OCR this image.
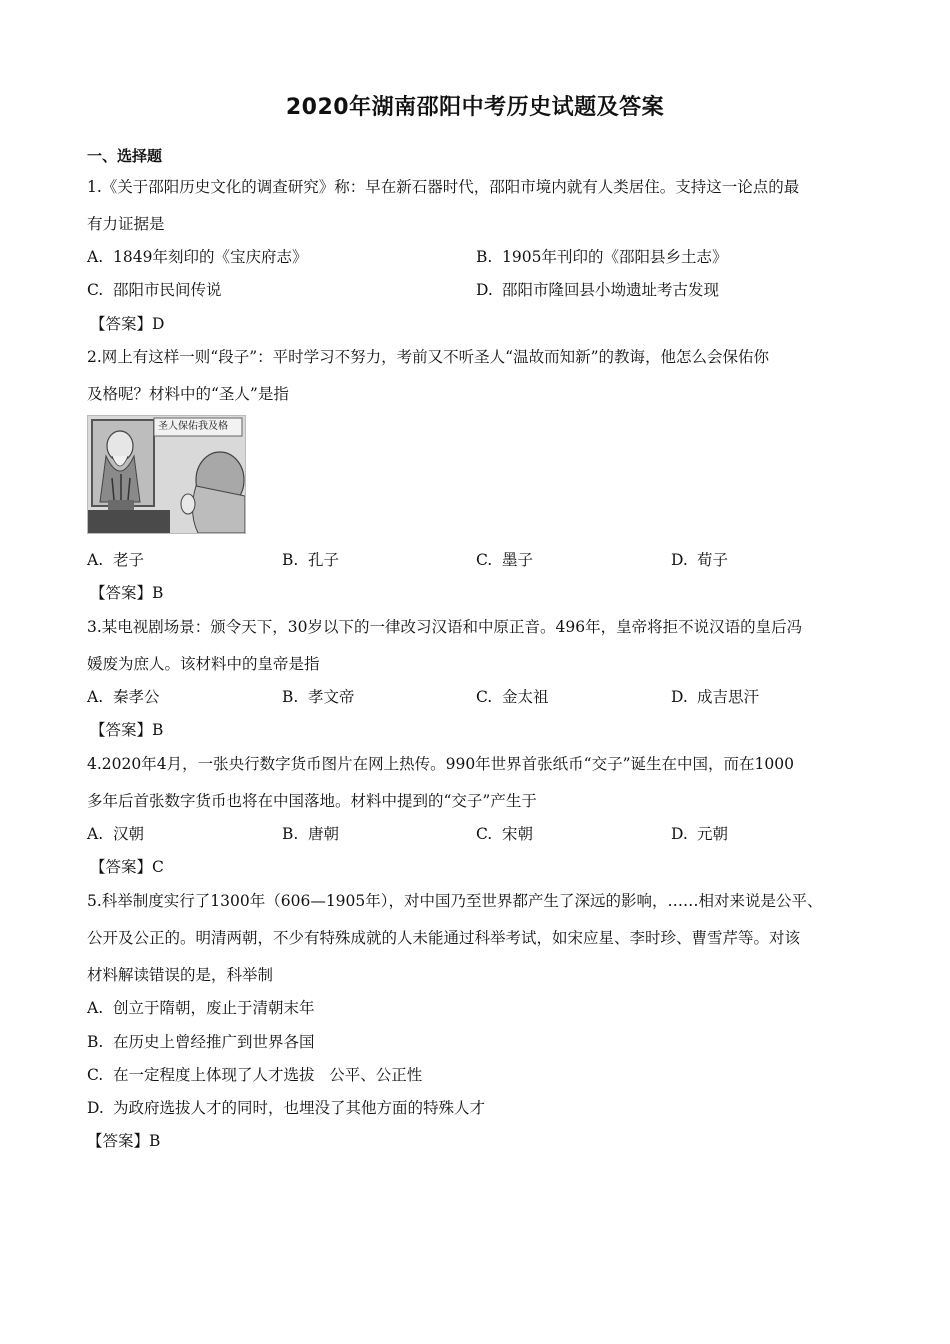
2020年湖南邵阳中考历史试题及答案
一、选择题
1.《关于邵阳历史文化的调查研究》称：早在新石器时代，邵阳市境内就有人类居住。支持这一论点的最
有力证据是
A. 1849年刻印的《宝庆府志》	B. 1905年刊印的《邵阳县乡土志》
C. 邵阳市民间传说	D. 邵阳市隆回县小坳遗址考古发现
【答案】D
2.网上有这样一则“段子”：平时学习不努力，考前又不听圣人“温故而知新”的教诲，他怎么会保佑你
及格呢？材料中的“圣人”是指
圣人保佑我及格
A. 老子	B. 孔子	C. 墨子	D. 荀子
【答案】B
3.某电视剧场景：颁令天下，30岁以下的一律改习汉语和中原正音。496年，皇帝将拒不说汉语的皇后冯
媛废为庶人。该材料中的皇帝是指
A. 秦孝公	B. 孝文帝	C. 金太祖	D. 成吉思汗
【答案】B
4.2020年4月，一张央行数字货币图片在网上热传。990年世界首张纸币“交子”诞生在中国，而在1000
多年后首张数字货币也将在中国落地。材料中提到的“交子”产生于
A. 汉朝	B. 唐朝	C. 宋朝	D. 元朝
【答案】C
5.科举制度实行了1300年（606—1905年），对中国乃至世界都产生了深远的影响，……相对来说是公平、
公开及公正的。明清两朝，不少有特殊成就的人未能通过科举考试，如宋应星、李时珍、曹雪芹等。对该
材料解读错误的是，科举制
A. 创立于隋朝，废止于清朝末年
B. 在历史上曾经推广到世界各国
C. 在一定程度上体现了人才选拔   公平、公正性
D. 为政府选拔人才的同时，也埋没了其他方面的特殊人才
【答案】B
